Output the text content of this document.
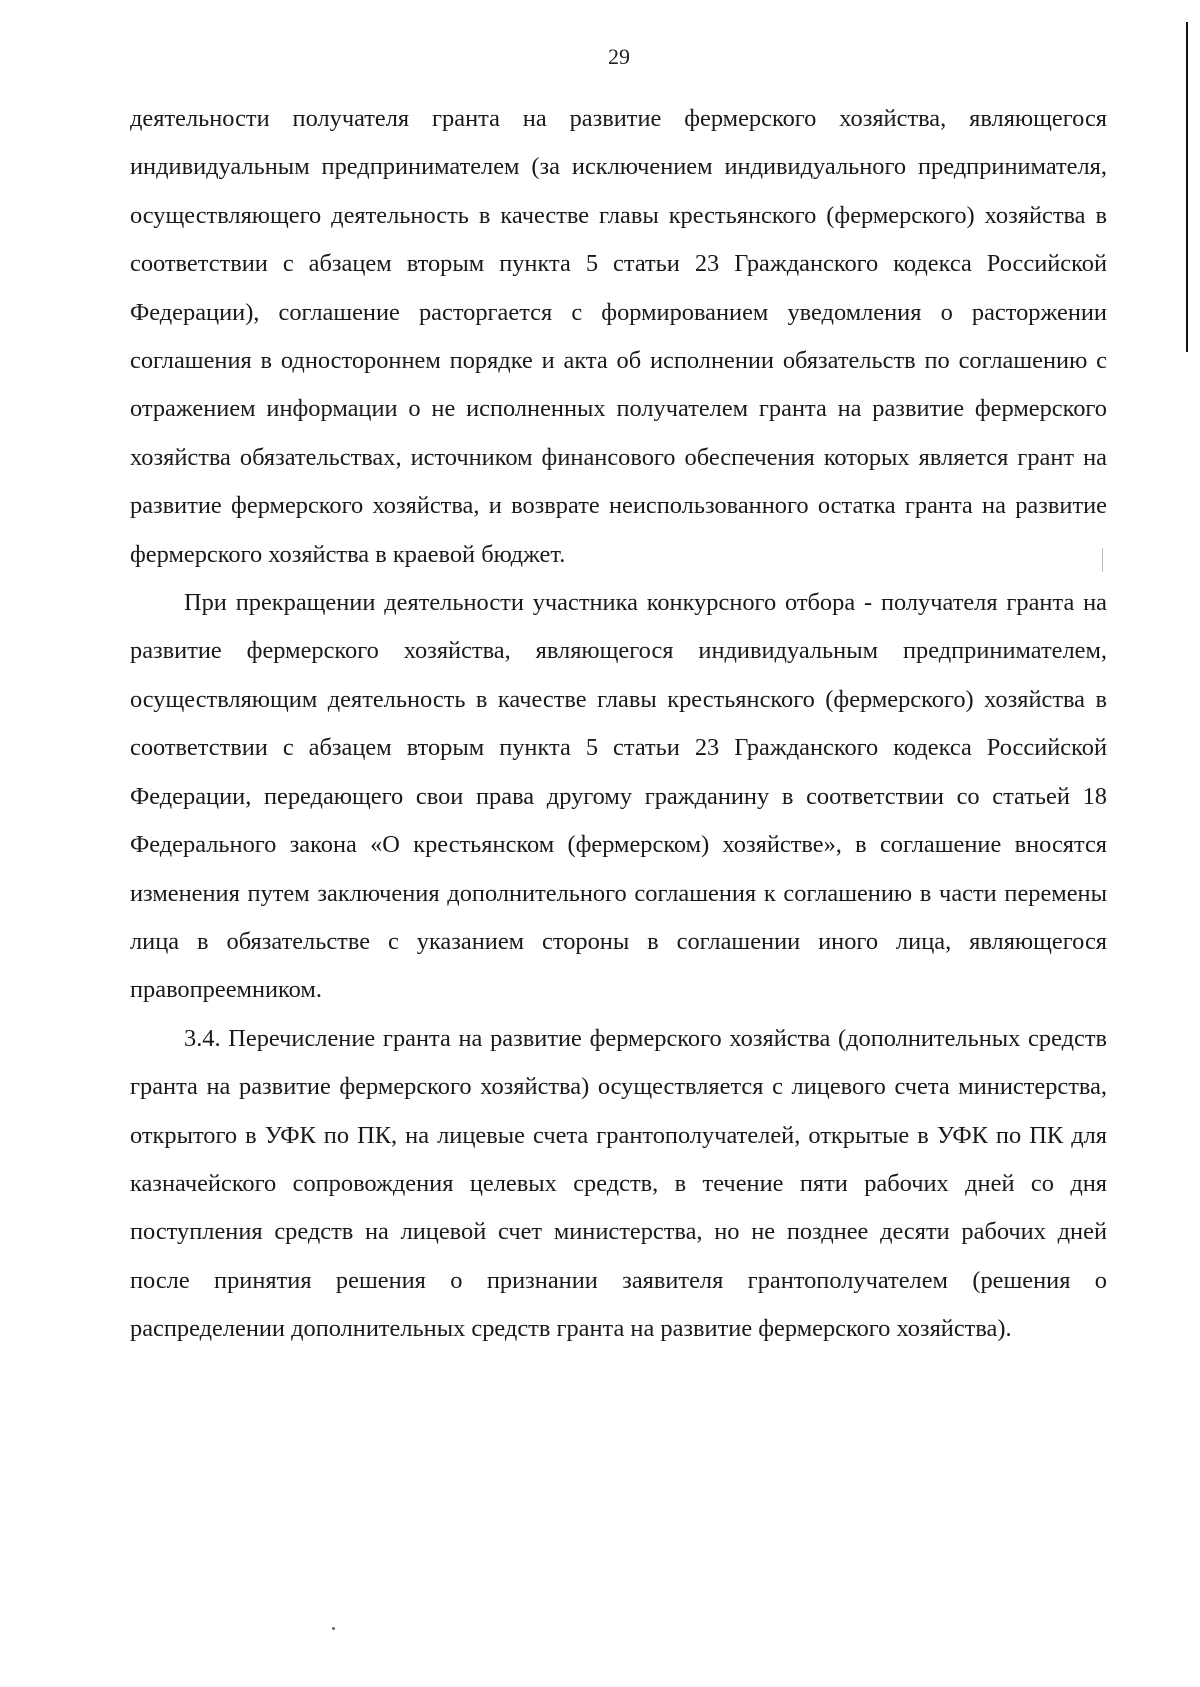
29

деятельности получателя гранта на развитие фермерского хозяйства, являющегося индивидуальным предпринимателем (за исключением индивидуального предпринимателя, осуществляющего деятельность в качестве главы крестьянского (фермерского) хозяйства в соответствии с абзацем вторым пункта 5 статьи 23 Гражданского кодекса Российской Федерации), соглашение расторгается с формированием уведомления о расторжении соглашения в одностороннем порядке и акта об исполнении обязательств по соглашению с отражением информации о не исполненных получателем гранта на развитие фермерского хозяйства обязательствах, источником финансового обеспечения которых является грант на развитие фермерского хозяйства, и возврате неиспользованного остатка гранта на развитие фермерского хозяйства в краевой бюджет.

При прекращении деятельности участника конкурсного отбора - получателя гранта на развитие фермерского хозяйства, являющегося индивидуальным предпринимателем, осуществляющим деятельность в качестве главы крестьянского (фермерского) хозяйства в соответствии с абзацем вторым пункта 5 статьи 23 Гражданского кодекса Российской Федерации, передающего свои права другому гражданину в соответствии со статьей 18 Федерального закона «О крестьянском (фермерском) хозяйстве», в соглашение вносятся изменения путем заключения дополнительного соглашения к соглашению в части перемены лица в обязательстве с указанием стороны в соглашении иного лица, являющегося правопреемником.

3.4. Перечисление гранта на развитие фермерского хозяйства (дополнительных средств гранта на развитие фермерского хозяйства) осуществляется с лицевого счета министерства, открытого в УФК по ПК, на лицевые счета грантополучателей, открытые в УФК по ПК для казначейского сопровождения целевых средств, в течение пяти рабочих дней со дня поступления средств на лицевой счет министерства, но не позднее десяти рабочих дней после принятия решения о признании заявителя грантополучателем (решения о распределении дополнительных средств гранта на развитие фермерского хозяйства).
